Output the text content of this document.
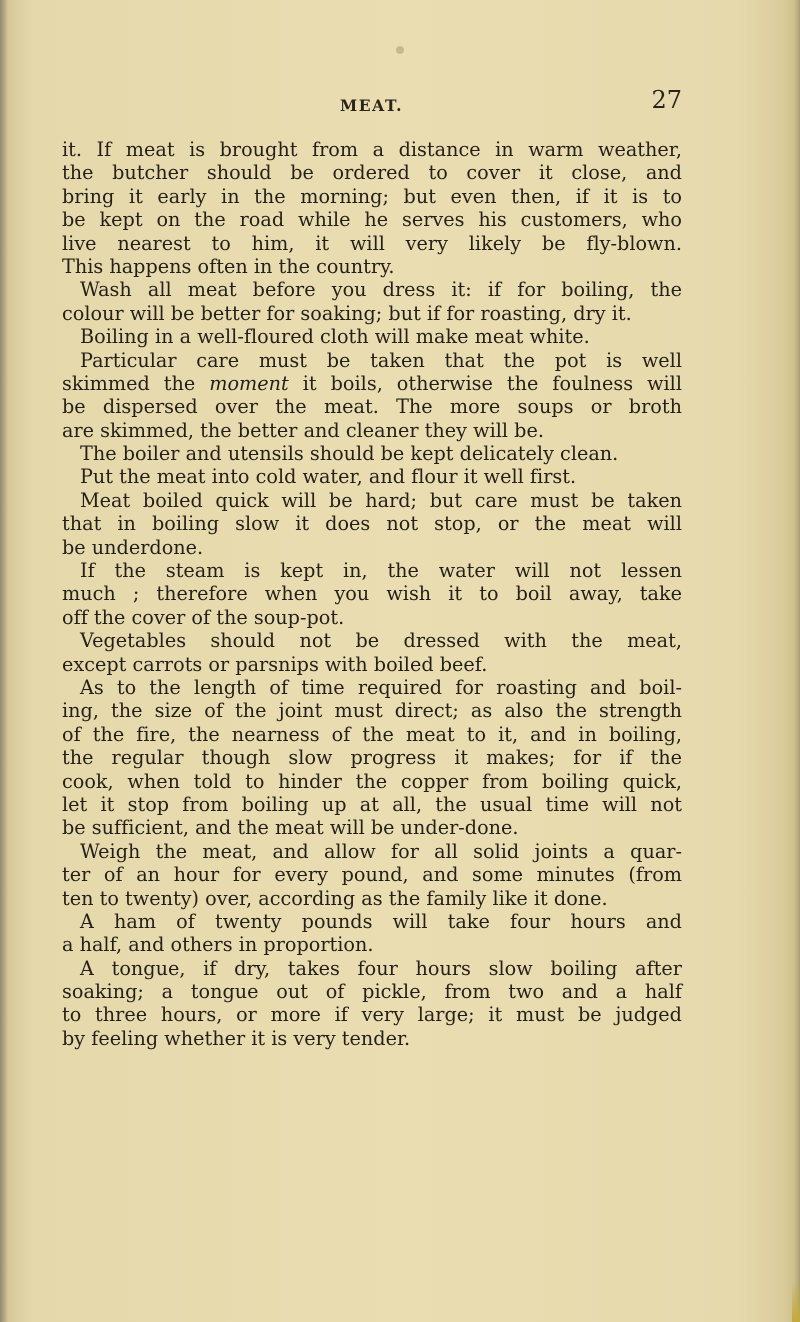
MEAT.	27
it. If meat is brought from a distance in warm weather,
the butcher should be ordered to cover it close, and
bring it early in the morning; but even then, if it is to
be kept on the road while he serves his customers, who
live nearest to him, it will very likely be fly-blown.
This happens often in the country.
Wash all meat before you dress it: if for boiling, the
colour will be better for soaking; but if for roasting, dry it.
Boiling in a well-floured cloth will make meat white.
Particular care must be taken that the pot is well
skimmed the moment it boils, otherwise the foulness will
be dispersed over the meat. The more soups or broth
are skimmed, the better and cleaner they will be.
The boiler and utensils should be kept delicately clean.
Put the meat into cold water, and flour it well first.
Meat boiled quick will be hard; but care must be taken
that in boiling slow it does not stop, or the meat will
be underdone.
If the steam is kept in, the water will not lessen
much ; therefore when you wish it to boil away, take
off the cover of the soup-pot.
Vegetables should not be dressed with the meat,
except carrots or parsnips with boiled beef.
As to the length of time required for roasting and boil-
ing, the size of the joint must direct; as also the strength
of the fire, the nearness of the meat to it, and in boiling,
the regular though slow progress it makes; for if the
cook, when told to hinder the copper from boiling quick,
let it stop from boiling up at all, the usual time will not
be sufficient, and the meat will be under-done.
Weigh the meat, and allow for all solid joints a quar-
ter of an hour for every pound, and some minutes (from
ten to twenty) over, according as the family like it done.
A ham of twenty pounds will take four hours and
a half, and others in proportion.
A tongue, if dry, takes four hours slow boiling after
soaking; a tongue out of pickle, from two and a half
to three hours, or more if very large; it must be judged
by feeling whether it is very tender.
